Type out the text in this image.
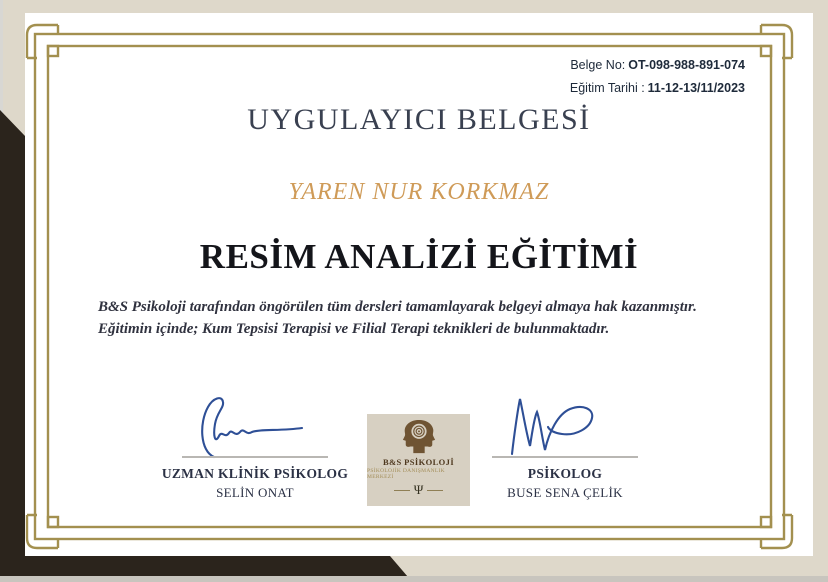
Belge No: OT-098-988-891-074
Eğitim Tarihi : 11-12-13/11/2023
UYGULAYICI BELGESİ
YAREN NUR KORKMAZ
RESİM ANALİZİ EĞİTİMİ
B&S Psikoloji tarafından öngörülen tüm dersleri tamamlayarak belgeyi almaya hak kazanmıştır.
Eğitimin içinde; Kum Tepsisi Terapisi ve Filial Terapi teknikleri de bulunmaktadır.
UZMAN KLİNİK PSİKOLOG
SELİN ONAT
B&S PSİKOLOJİ
PSİKOLOJİK DANIŞMANLIK MERKEZİ
Ψ
PSİKOLOG
BUSE SENA ÇELİK
